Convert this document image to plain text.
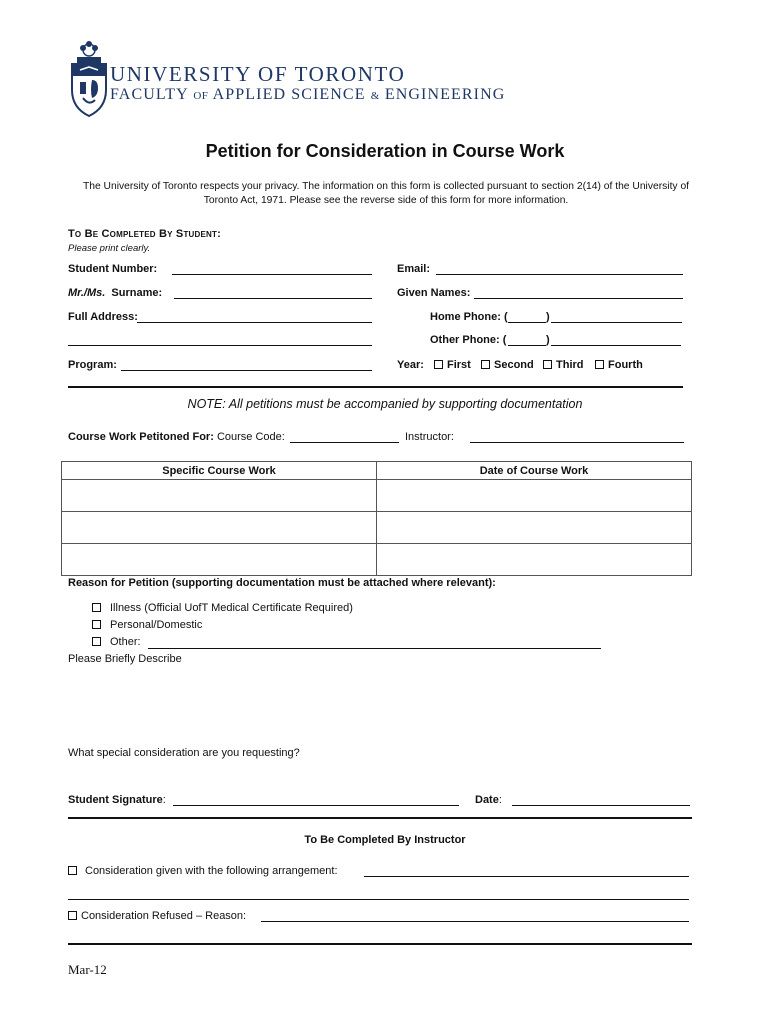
UNIVERSITY OF TORONTO
FACULTY OF APPLIED SCIENCE & ENGINEERING
Petition for Consideration in Course Work
The University of Toronto respects your privacy. The information on this form is collected pursuant to section 2(14) of the University of Toronto Act, 1971. Please see the reverse side of this form for more information.
To Be Completed By Student:
Please print clearly.
Student Number:	Email:
Mr./Ms. Surname:	Given Names:
Full Address:	Home Phone: (	)
Other Phone: (	)
Program:	Year:	First	Second	Third	Fourth
NOTE: All petitions must be accompanied by supporting documentation
Course Work Petitoned For: Course Code:	Instructor:
Specific Course Work	Date of Course Work

Reason for Petition (supporting documentation must be attached where relevant):
Illness (Official UofT Medical Certificate Required)
Personal/Domestic
Other:
Please Briefly Describe
What special consideration are you requesting?
Student Signature:	Date:
To Be Completed By Instructor
Consideration given with the following arrangement:
Consideration Refused – Reason:
Mar-12
